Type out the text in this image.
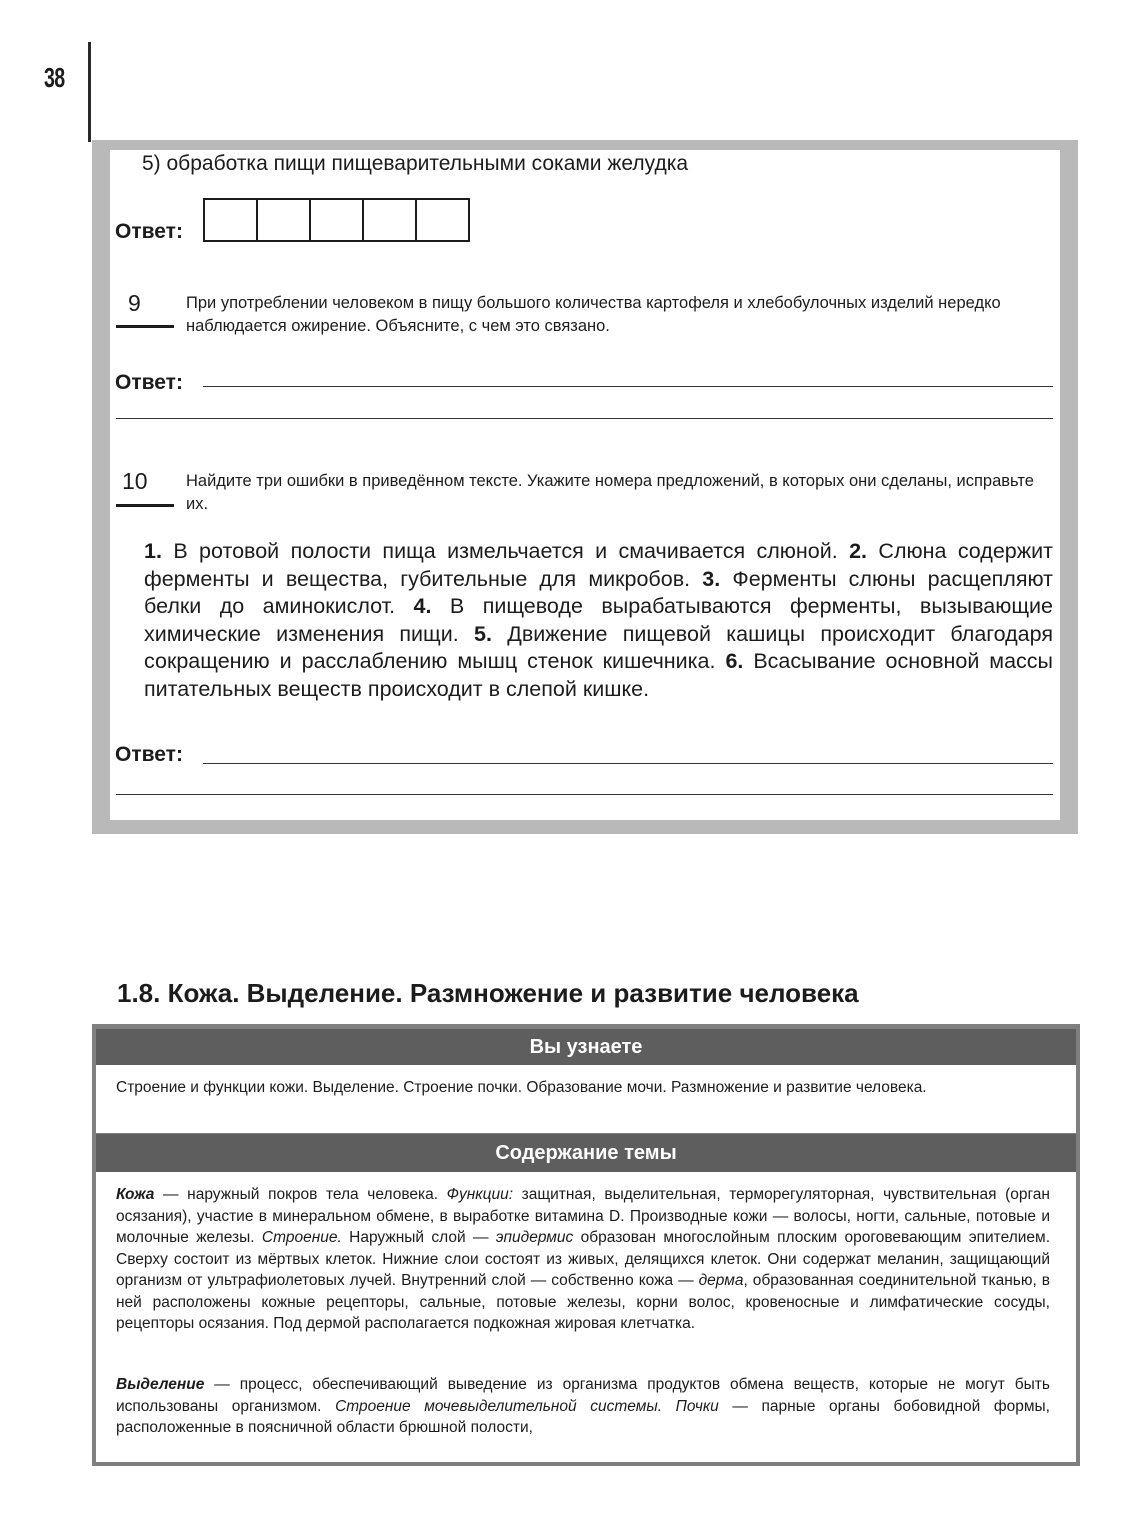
38
5) обработка пищи пищеварительными соками желудка
Ответ:
9	При употреблении человеком в пищу большого количества картофеля и хлебобулочных изделий нередко наблюдается ожирение. Объясните, с чем это связано.
Ответ:
10 Найдите три ошибки в приведённом тексте. Укажите номера предложений, в которых они сделаны, исправьте их.
1. В ротовой полости пища измельчается и смачивается слюной. 2. Слюна содержит ферменты и вещества, губительные для микробов. 3. Ферменты слюны расщепляют белки до аминокислот. 4. В пищеводе вырабатываются ферменты, вызывающие химические изменения пищи. 5. Движение пищевой кашицы происходит благодаря сокращению и расслаблению мышц стенок кишечника. 6. Всасывание основной массы питательных веществ происходит в слепой кишке.
Ответ:
1.8. Кожа. Выделение. Размножение и развитие человека
Вы узнаете
Строение и функции кожи. Выделение. Строение почки. Образование мочи. Размножение и развитие человека.
Содержание темы
Кожа — наружный покров тела человека. Функции: защитная, выделительная, терморегуляторная, чувствительная (орган осязания), участие в минеральном обмене, в выработке витамина D. Производные кожи — волосы, ногти, сальные, потовые и молочные железы. Строение. Наружный слой — эпидермис образован многослойным плоским ороговевающим эпителием. Сверху состоит из мёртвых клеток. Нижние слои состоят из живых, делящихся клеток. Они содержат меланин, защищающий организм от ультрафиолетовых лучей. Внутренний слой — собственно кожа — дерма, образованная соединительной тканью, в ней расположены кожные рецепторы, сальные, потовые железы, корни волос, кровеносные и лимфатические сосуды, рецепторы осязания. Под дермой располагается подкожная жировая клетчатка.
Выделение — процесс, обеспечивающий выведение из организма продуктов обмена веществ, которые не могут быть использованы организмом. Строение мочевыделительной системы. Почки — парные органы бобовидной формы, расположенные в поясничной области брюшной полости,
